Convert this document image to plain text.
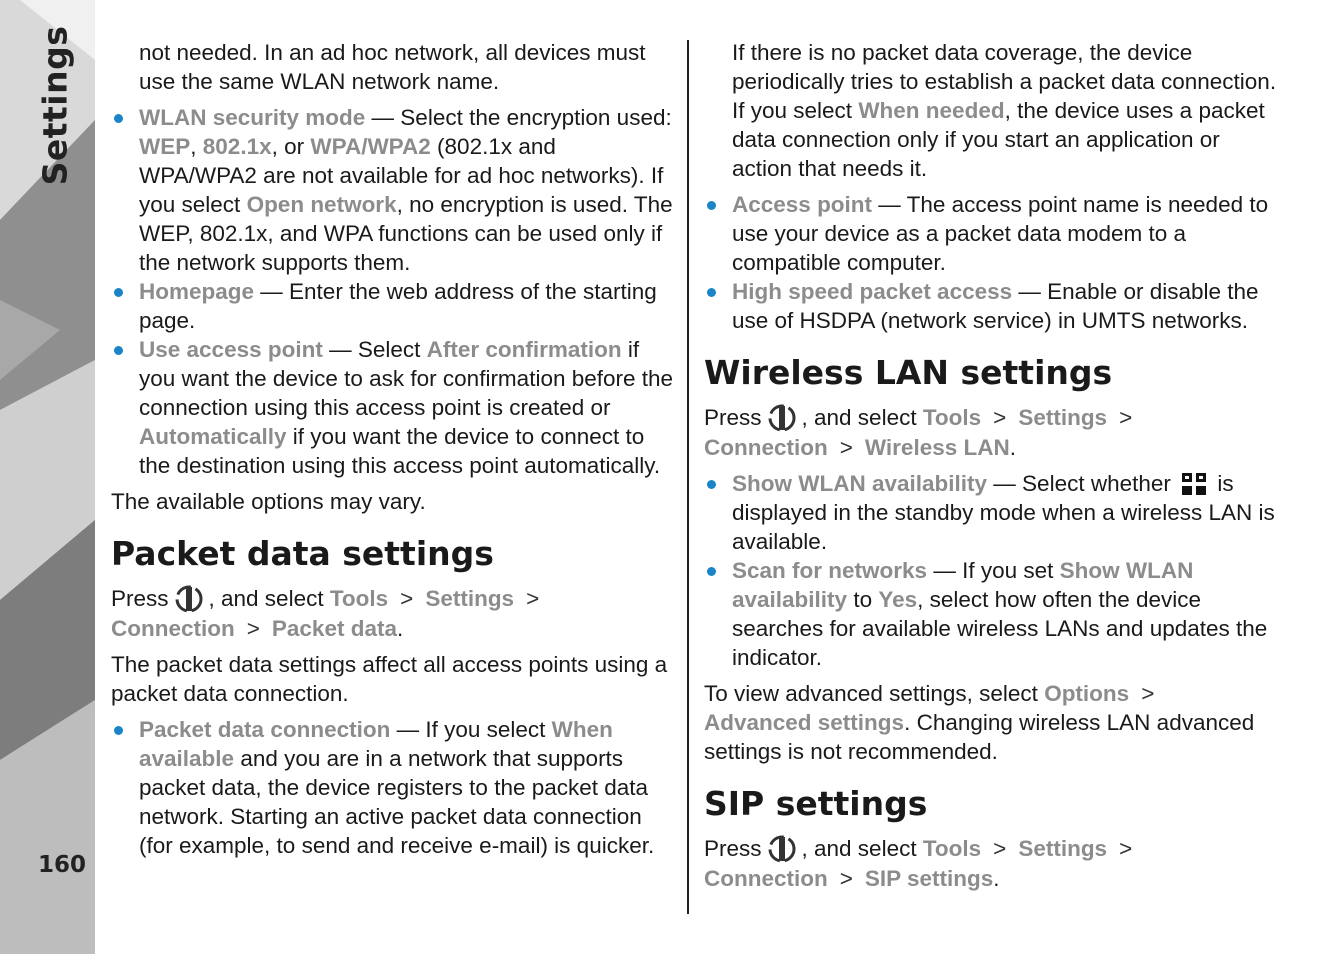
Settings
160

not needed. In an ad hoc network, all devices must use the same WLAN network name.

WLAN security mode — Select the encryption used: WEP, 802.1x, or WPA/WPA2 (802.1x and WPA/WPA2 are not available for ad hoc networks). If you select Open network, no encryption is used. The WEP, 802.1x, and WPA functions can be used only if the network supports them.
Homepage — Enter the web address of the starting page.
Use access point — Select After confirmation if you want the device to ask for confirmation before the connection using this access point is created or Automatically if you want the device to connect to the destination using this access point automatically.

The available options may vary.

Packet data settings

Press , and select Tools > Settings >
Connection > Packet data.

The packet data settings affect all access points using a packet data connection.

Packet data connection — If you select When available and you are in a network that supports packet data, the device registers to the packet data network. Starting an active packet data connection (for example, to send and receive e-mail) is quicker.

If there is no packet data coverage, the device periodically tries to establish a packet data connection. If you select When needed, the device uses a packet data connection only if you start an application or action that needs it.

Access point — The access point name is needed to use your device as a packet data modem to a compatible computer.
High speed packet access — Enable or disable the use of HSDPA (network service) in UMTS networks.
Wireless LAN settings

Press , and select Tools > Settings >
Connection > Wireless LAN.

Show WLAN availability — Select whether  is displayed in the standby mode when a wireless LAN is available.
Scan for networks — If you set Show WLAN availability to Yes, select how often the device searches for available wireless LANs and updates the indicator.

To view advanced settings, select Options >
Advanced settings. Changing wireless LAN advanced settings is not recommended.

SIP settings

Press , and select Tools > Settings >
Connection > SIP settings.
